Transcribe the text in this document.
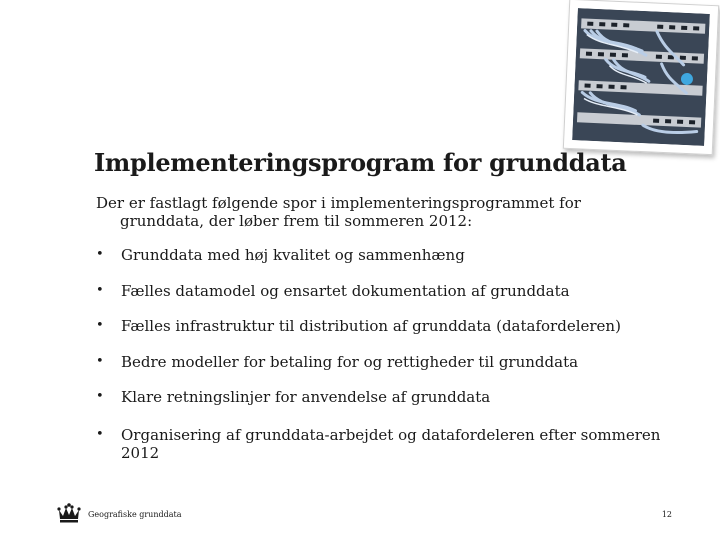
Implementeringsprogram for grunddata

Der er fastlagt følgende spor i implementeringsprogrammet for grunddata, der løber frem til sommeren 2012:

• Grunddata med høj kvalitet og sammenhæng
• Fælles datamodel og ensartet dokumentation af grunddata
• Fælles infrastruktur til distribution af grunddata (datafordeleren)
• Bedre modeller for betaling for og rettigheder til grunddata
• Klare retningslinjer for anvendelse af grunddata
• Organisering af grunddata-arbejdet og datafordeleren efter sommeren 2012
Geografiske grunddata	12
